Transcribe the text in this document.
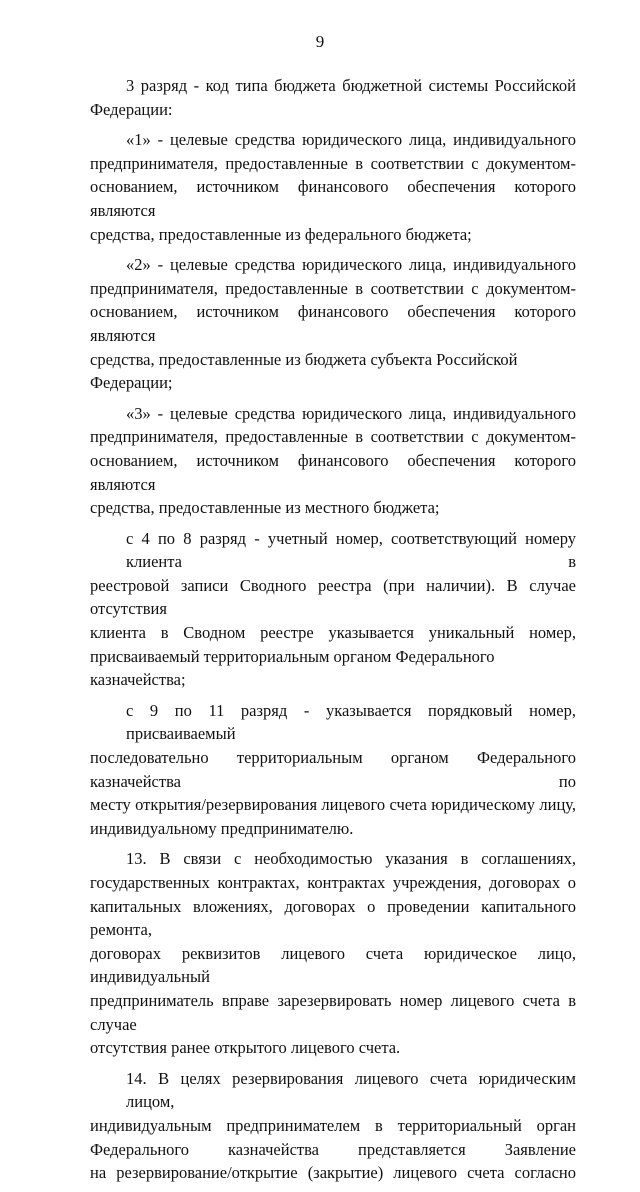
9
3 разряд - код типа бюджета бюджетной системы Российской
Федерации:
«1» - целевые средства юридического лица, индивидуального
предпринимателя, предоставленные в соответствии с документом-
основанием, источником финансового обеспечения которого являются
средства, предоставленные из федерального бюджета;
«2» - целевые средства юридического лица, индивидуального
предпринимателя, предоставленные в соответствии с документом-
основанием, источником финансового обеспечения которого являются
средства, предоставленные из бюджета субъекта Российской Федерации;
«3» - целевые средства юридического лица, индивидуального
предпринимателя, предоставленные в соответствии с документом-
основанием, источником финансового обеспечения которого являются
средства, предоставленные из местного бюджета;
с 4 по 8 разряд - учетный номер, соответствующий номеру клиента в
реестровой записи Сводного реестра (при наличии). В случае отсутствия
клиента в Сводном реестре указывается уникальный номер,
присваиваемый территориальным органом Федерального казначейства;
с 9 по 11 разряд - указывается порядковый номер, присваиваемый
последовательно территориальным органом Федерального казначейства по
месту открытия/резервирования лицевого счета юридическому лицу,
индивидуальному предпринимателю.
13. В связи с необходимостью указания в соглашениях,
государственных контрактах, контрактах учреждения, договорах о
капитальных вложениях, договорах о проведении капитального ремонта,
договорах реквизитов лицевого счета юридическое лицо, индивидуальный
предприниматель вправе зарезервировать номер лицевого счета в случае
отсутствия ранее открытого лицевого счета.
14. В целях резервирования лицевого счета юридическим лицом,
индивидуальным предпринимателем в территориальный орган
Федерального казначейства представляется Заявление
на резервирование/открытие (закрытие) лицевого счета согласно
